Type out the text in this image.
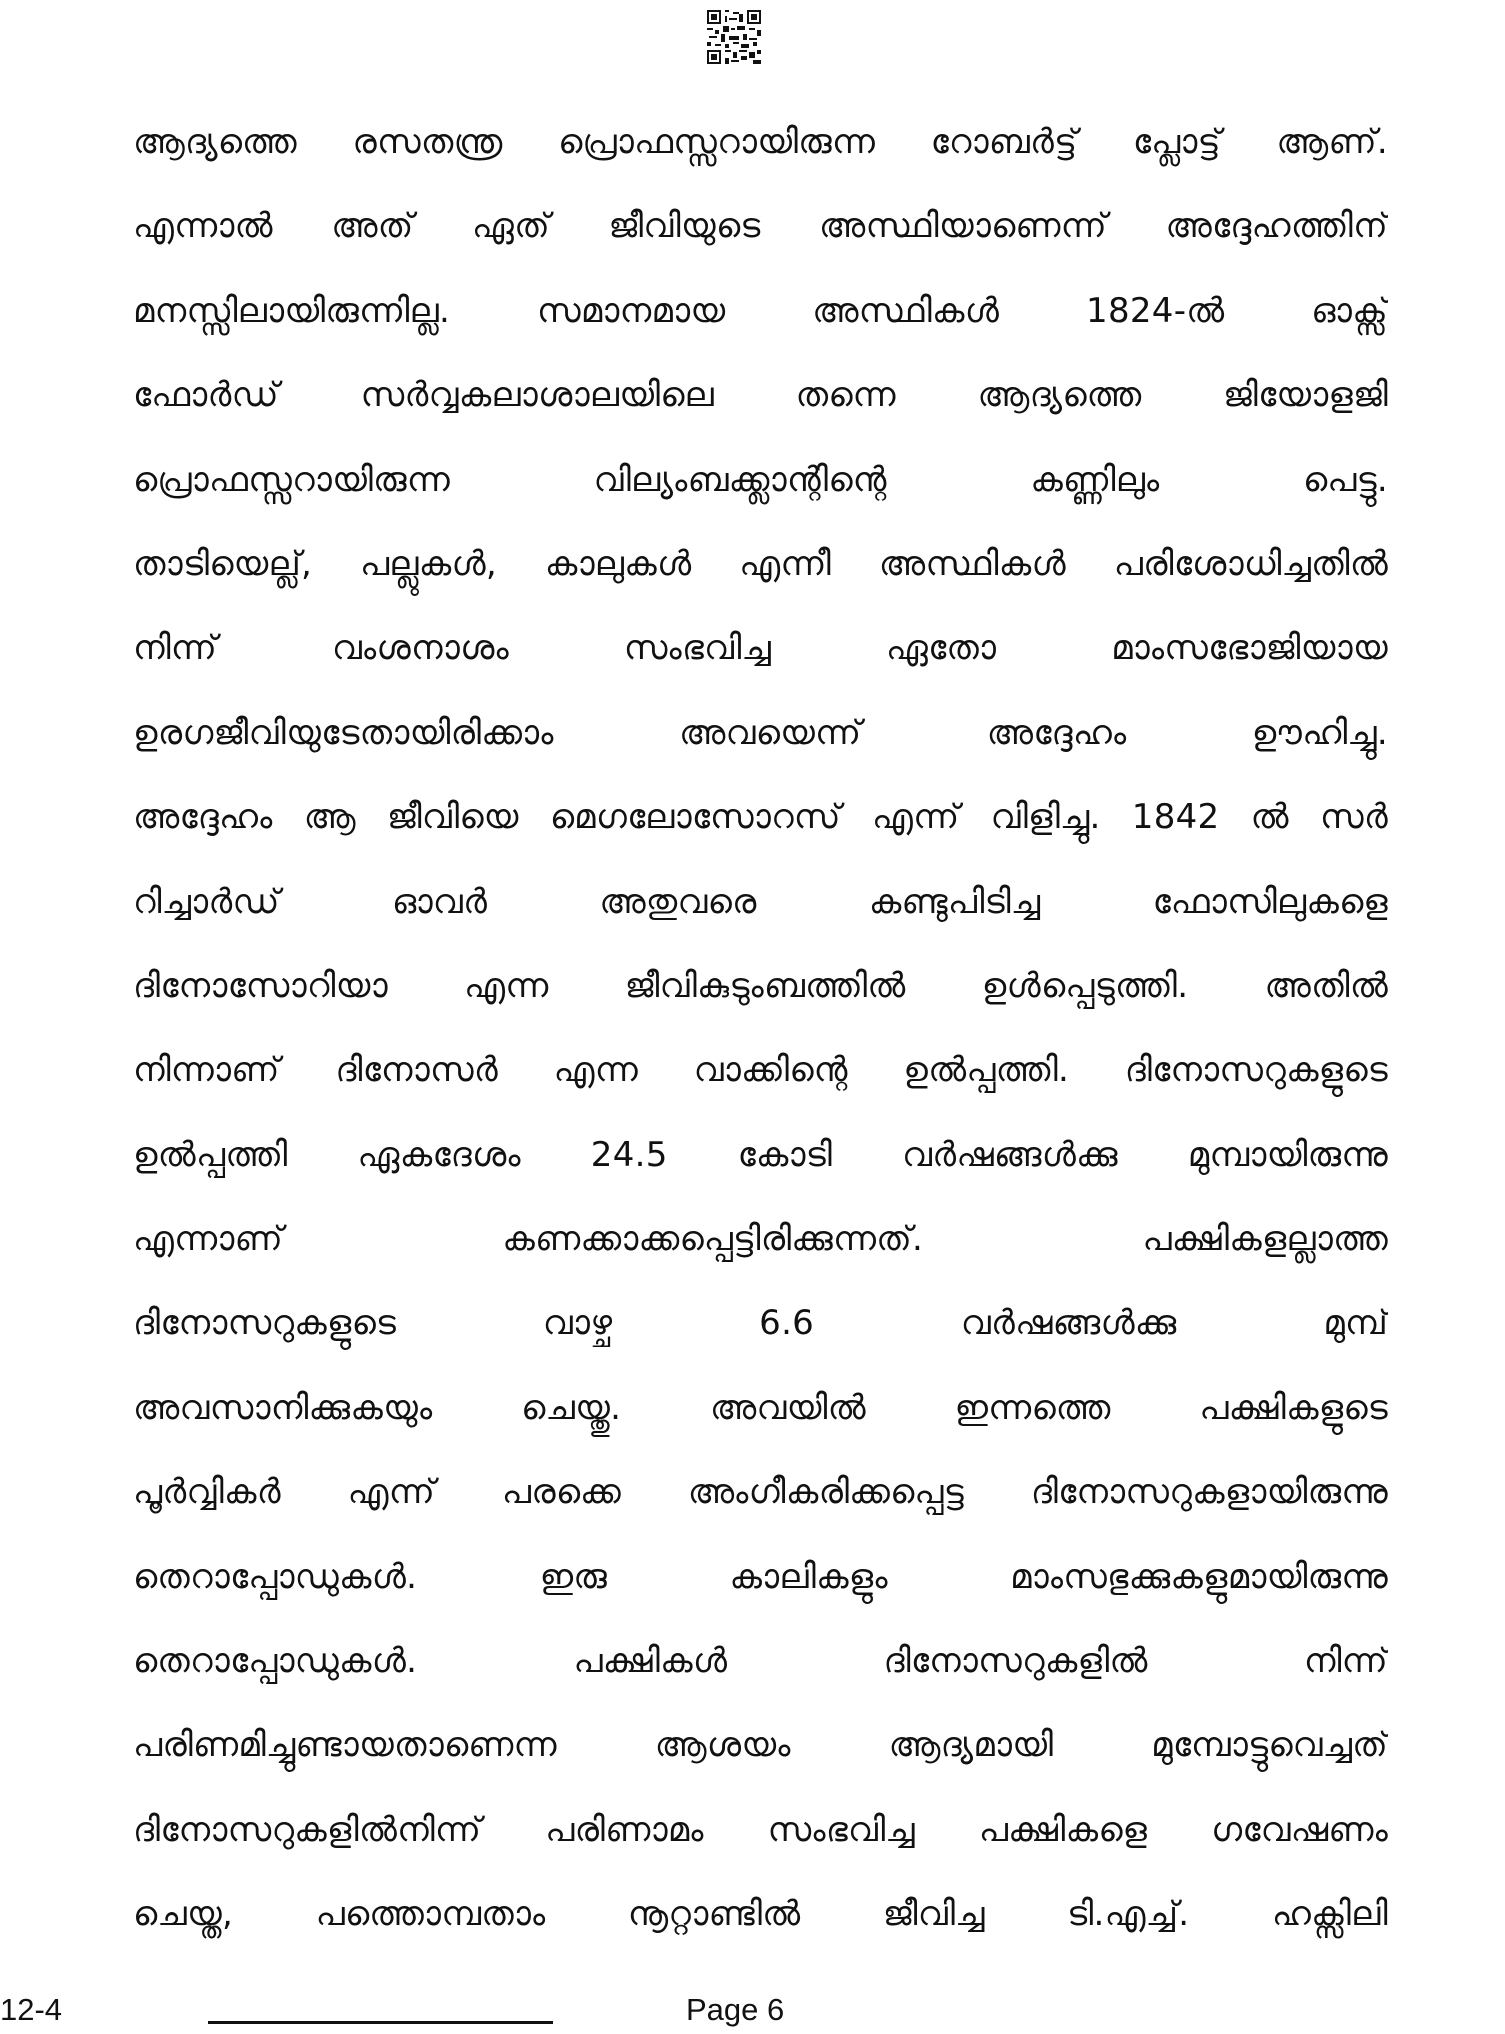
ആദ്യത്തെ രസതന്ത്ര പ്രൊഫസ്സറായിരുന്ന റോബർട്ട് പ്ലോട്ട് ആണ്.
എന്നാൽ അത് ഏത് ജീവിയുടെ അസ്ഥിയാണെന്ന് അദ്ദേഹത്തിന്
മനസ്സിലായിരുന്നില്ല. സമാനമായ അസ്ഥികൾ 1824-ൽ ഓക്സ്
ഫോർഡ് സർവ്വകലാശാലയിലെ തന്നെ ആദ്യത്തെ ജിയോളജി
പ്രൊഫസ്സറായിരുന്ന വില്യംബക്ക്ലാന്റിന്റെ കണ്ണിലും പെട്ടു.
താടിയെല്ല്, പല്ലുകൾ, കാലുകൾ എന്നീ അസ്ഥികൾ പരിശോധിച്ചതിൽ
നിന്ന് വംശനാശം സംഭവിച്ച ഏതോ മാംസഭോജിയായ
ഉരഗജീവിയുടേതായിരിക്കാം അവയെന്ന് അദ്ദേഹം ഊഹിച്ചു.
അദ്ദേഹം ആ ജീവിയെ മെഗലോസോറസ് എന്ന് വിളിച്ചു. 1842 ൽ സർ
റിച്ചാർഡ് ഓവർ അതുവരെ കണ്ടുപിടിച്ച ഫോസിലുകളെ
ദിനോസോറിയാ എന്ന ജീവികുടുംബത്തിൽ ഉൾപ്പെടുത്തി. അതിൽ
നിന്നാണ് ദിനോസർ എന്ന വാക്കിന്റെ ഉൽപ്പത്തി. ദിനോസറുകളുടെ
ഉൽപ്പത്തി ഏകദേശം 24.5 കോടി വർഷങ്ങൾക്കു മുമ്പായിരുന്നു
എന്നാണ് കണക്കാക്കപ്പെട്ടിരിക്കുന്നത്. പക്ഷികളല്ലാത്ത
ദിനോസറുകളുടെ വാഴ്ച 6.6 വർഷങ്ങൾക്കു മുമ്പ്
അവസാനിക്കുകയും ചെയ്തു. അവയിൽ ഇന്നത്തെ പക്ഷികളുടെ
പൂർവ്വികർ എന്ന് പരക്കെ അംഗീകരിക്കപ്പെട്ട ദിനോസറുകളായിരുന്നു
തെറാപ്പോഡുകൾ. ഇരു കാലികളും മാംസഭുക്കുകളുമായിരുന്നു
തെറാപ്പോഡുകൾ. പക്ഷികൾ ദിനോസറുകളിൽ നിന്ന്
പരിണമിച്ചുണ്ടായതാണെന്ന ആശയം ആദ്യമായി മുമ്പോട്ടുവെച്ചത്
ദിനോസറുകളിൽനിന്ന് പരിണാമം സംഭവിച്ച പക്ഷികളെ ഗവേഷണം
ചെയ്ത, പത്തൊമ്പതാം നൂറ്റാണ്ടിൽ ജീവിച്ച ടി.എച്ച്. ഹക്സിലി
12-4	Page 6
